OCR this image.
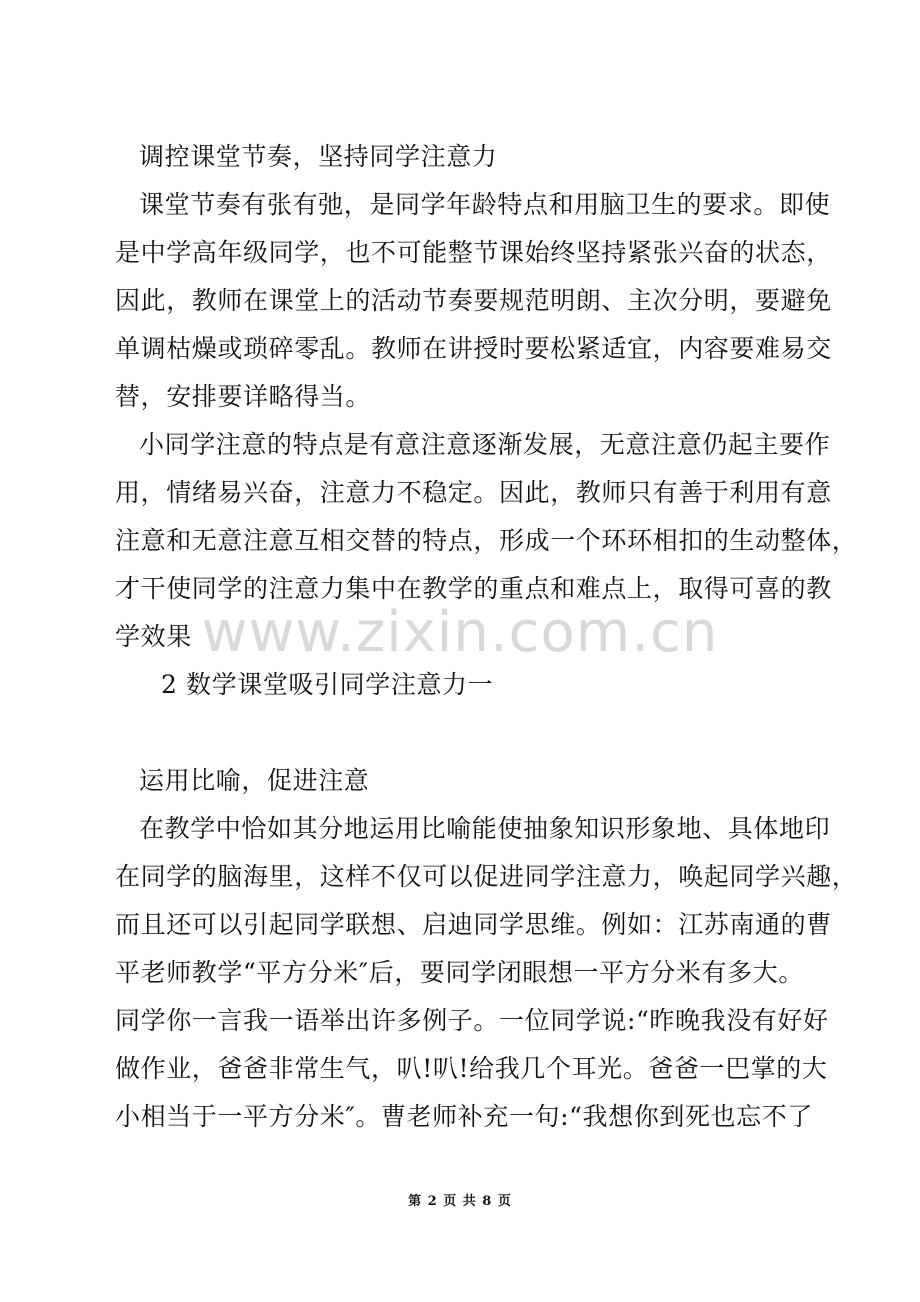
调控课堂节奏，坚持同学注意力
课堂节奏有张有弛，是同学年龄特点和用脑卫生的要求。即使
是中学高年级同学，也不可能整节课始终坚持紧张兴奋的状态，
因此，教师在课堂上的活动节奏要规范明朗、主次分明，要避免
单调枯燥或琐碎零乱。教师在讲授时要松紧适宜，内容要难易交
替，安排要详略得当。
小同学注意的特点是有意注意逐渐发展，无意注意仍起主要作
用，情绪易兴奋，注意力不稳定。因此，教师只有善于利用有意
注意和无意注意互相交替的特点，形成一个环环相扣的生动整体，
才干使同学的注意力集中在教学的重点和难点上，取得可喜的教
学效果
2 数学课堂吸引同学注意力一
运用比喻，促进注意
在教学中恰如其分地运用比喻能使抽象知识形象地、具体地印
在同学的脑海里，这样不仅可以促进同学注意力，唤起同学兴趣，
而且还可以引起同学联想、启迪同学思维。例如：江苏南通的曹
平老师教学“平方分米″后，要同学闭眼想一平方分米有多大。
同学你一言我一语举出许多例子。一位同学说:“昨晚我没有好好
做作业，爸爸非常生气，叭!叭!给我几个耳光。爸爸一巴掌的大
小相当于一平方分米″。曹老师补充一句:“我想你到死也忘不了
www.zixin.com.cn
第 2 页 共 8 页
